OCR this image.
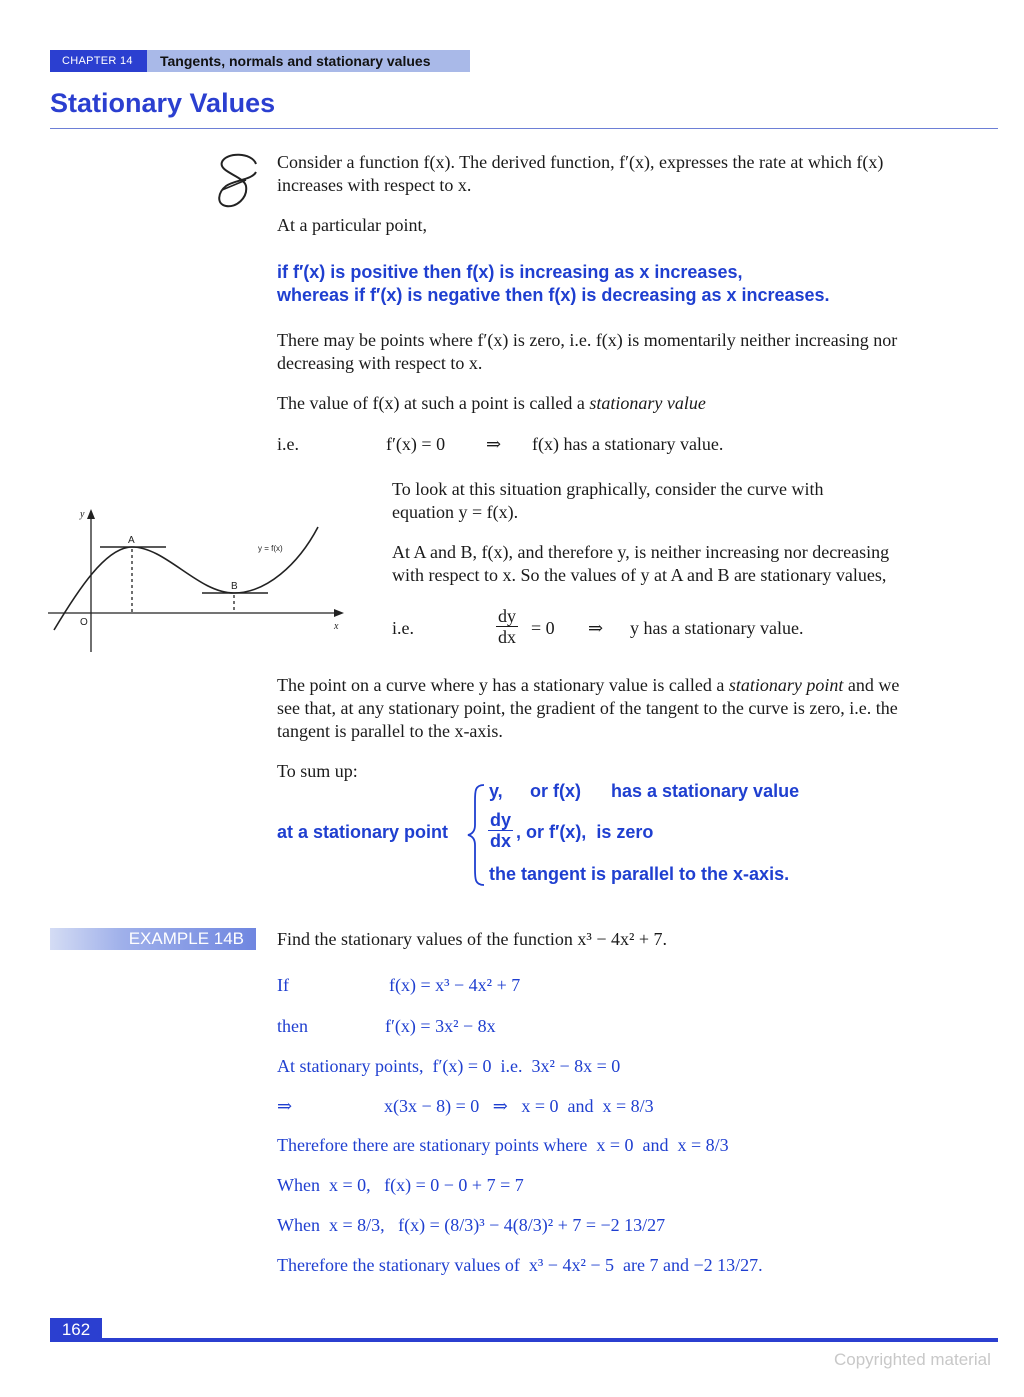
CHAPTER 14	Tangents, normals and stationary values
Stationary Values
Consider a function f(x). The derived function, f′(x), expresses the rate at which f(x)
increases with respect to x.
At a particular point,
if f′(x) is positive then f(x) is increasing as x increases,
whereas if f′(x) is negative then f(x) is decreasing as x increases.
There may be points where f′(x) is zero, i.e. f(x) is momentarily neither increasing nor
decreasing with respect to x.
The value of f(x) at such a point is called a stationary value
i.e.	f′(x) = 0 ⇒ f(x) has a stationary value.
To look at this situation graphically, consider the curve with
equation y = f(x).
At A and B, f(x), and therefore y, is neither increasing nor decreasing
with respect to x. So the values of y at A and B are stationary values,
i.e.	$\frac{dy}{dx} = 0$ ⇒ y has a stationary value.
y
x
O
A
B
y = f(x)
The point on a curve where y has a stationary value is called a stationary point and we
see that, at any stationary point, the gradient of the tangent to the curve is zero, i.e. the
tangent is parallel to the x-axis.
To sum up:
at a stationary point
y, or f(x) has a stationary value
$\frac{dy}{dx}$ , or f′(x),  is zero
the tangent is parallel to the x-axis.
EXAMPLE 14B	Find the stationary values of the function x³ − 4x² + 7.
If	f(x) = x³ − 4x² + 7
then	f′(x) = 3x² − 8x
At stationary points,  f′(x) = 0  i.e.  3x² − 8x = 0
⇒	x(3x − 8) = 0   ⇒   x = 0  and  x = 8/3
Therefore there are stationary points where  x = 0  and  x = 8/3
When  x = 0,   f(x) = 0 − 0 + 7 = 7
When  x = 8/3,   f(x) = (8/3)³ − 4(8/3)² + 7 = −2 13/27
Therefore the stationary values of  x³ − 4x² − 5  are 7 and −2 13/27.
162
Copyrighted material
